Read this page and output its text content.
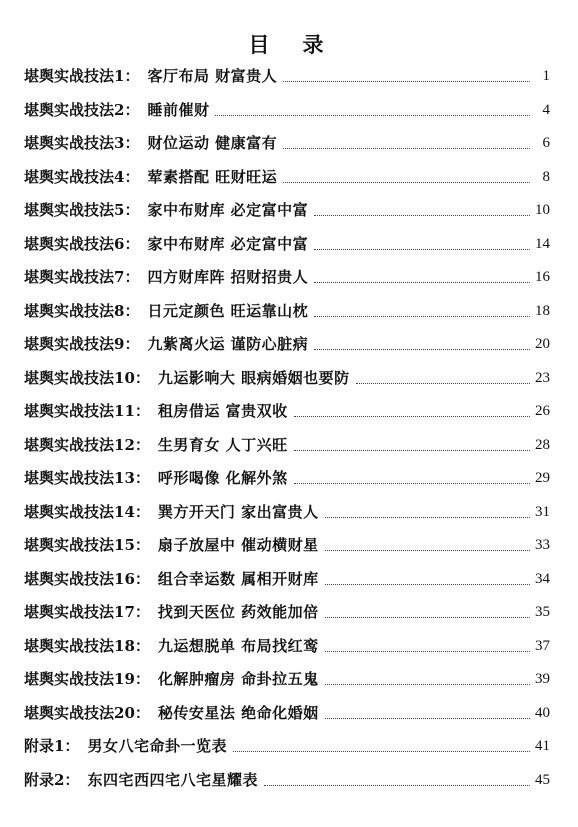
目　录
堪舆实战技法1： 客厅布局 财富贵人	1
堪舆实战技法2： 睡前催财	4
堪舆实战技法3： 财位运动 健康富有	6
堪舆实战技法4： 荤素搭配 旺财旺运	8
堪舆实战技法5： 家中布财库 必定富中富	10
堪舆实战技法6： 家中布财库 必定富中富	14
堪舆实战技法7： 四方财库阵 招财招贵人	16
堪舆实战技法8： 日元定颜色 旺运靠山枕	18
堪舆实战技法9： 九紫离火运 谨防心脏病	20
堪舆实战技法10： 九运影响大 眼病婚姻也要防	23
堪舆实战技法11： 租房借运 富贵双收	26
堪舆实战技法12： 生男育女 人丁兴旺	28
堪舆实战技法13： 呼形喝像 化解外煞	29
堪舆实战技法14： 巽方开天门 家出富贵人	31
堪舆实战技法15： 扇子放屋中 催动横财星	33
堪舆实战技法16： 组合幸运数 属相开财库	34
堪舆实战技法17： 找到天医位 药效能加倍	35
堪舆实战技法18： 九运想脱单 布局找红鸾	37
堪舆实战技法19： 化解肿瘤房 命卦拉五鬼	39
堪舆实战技法20： 秘传安星法 绝命化婚姻	40
附录1： 男女八宅命卦一览表	41
附录2： 东四宅西四宅八宅星耀表	45
